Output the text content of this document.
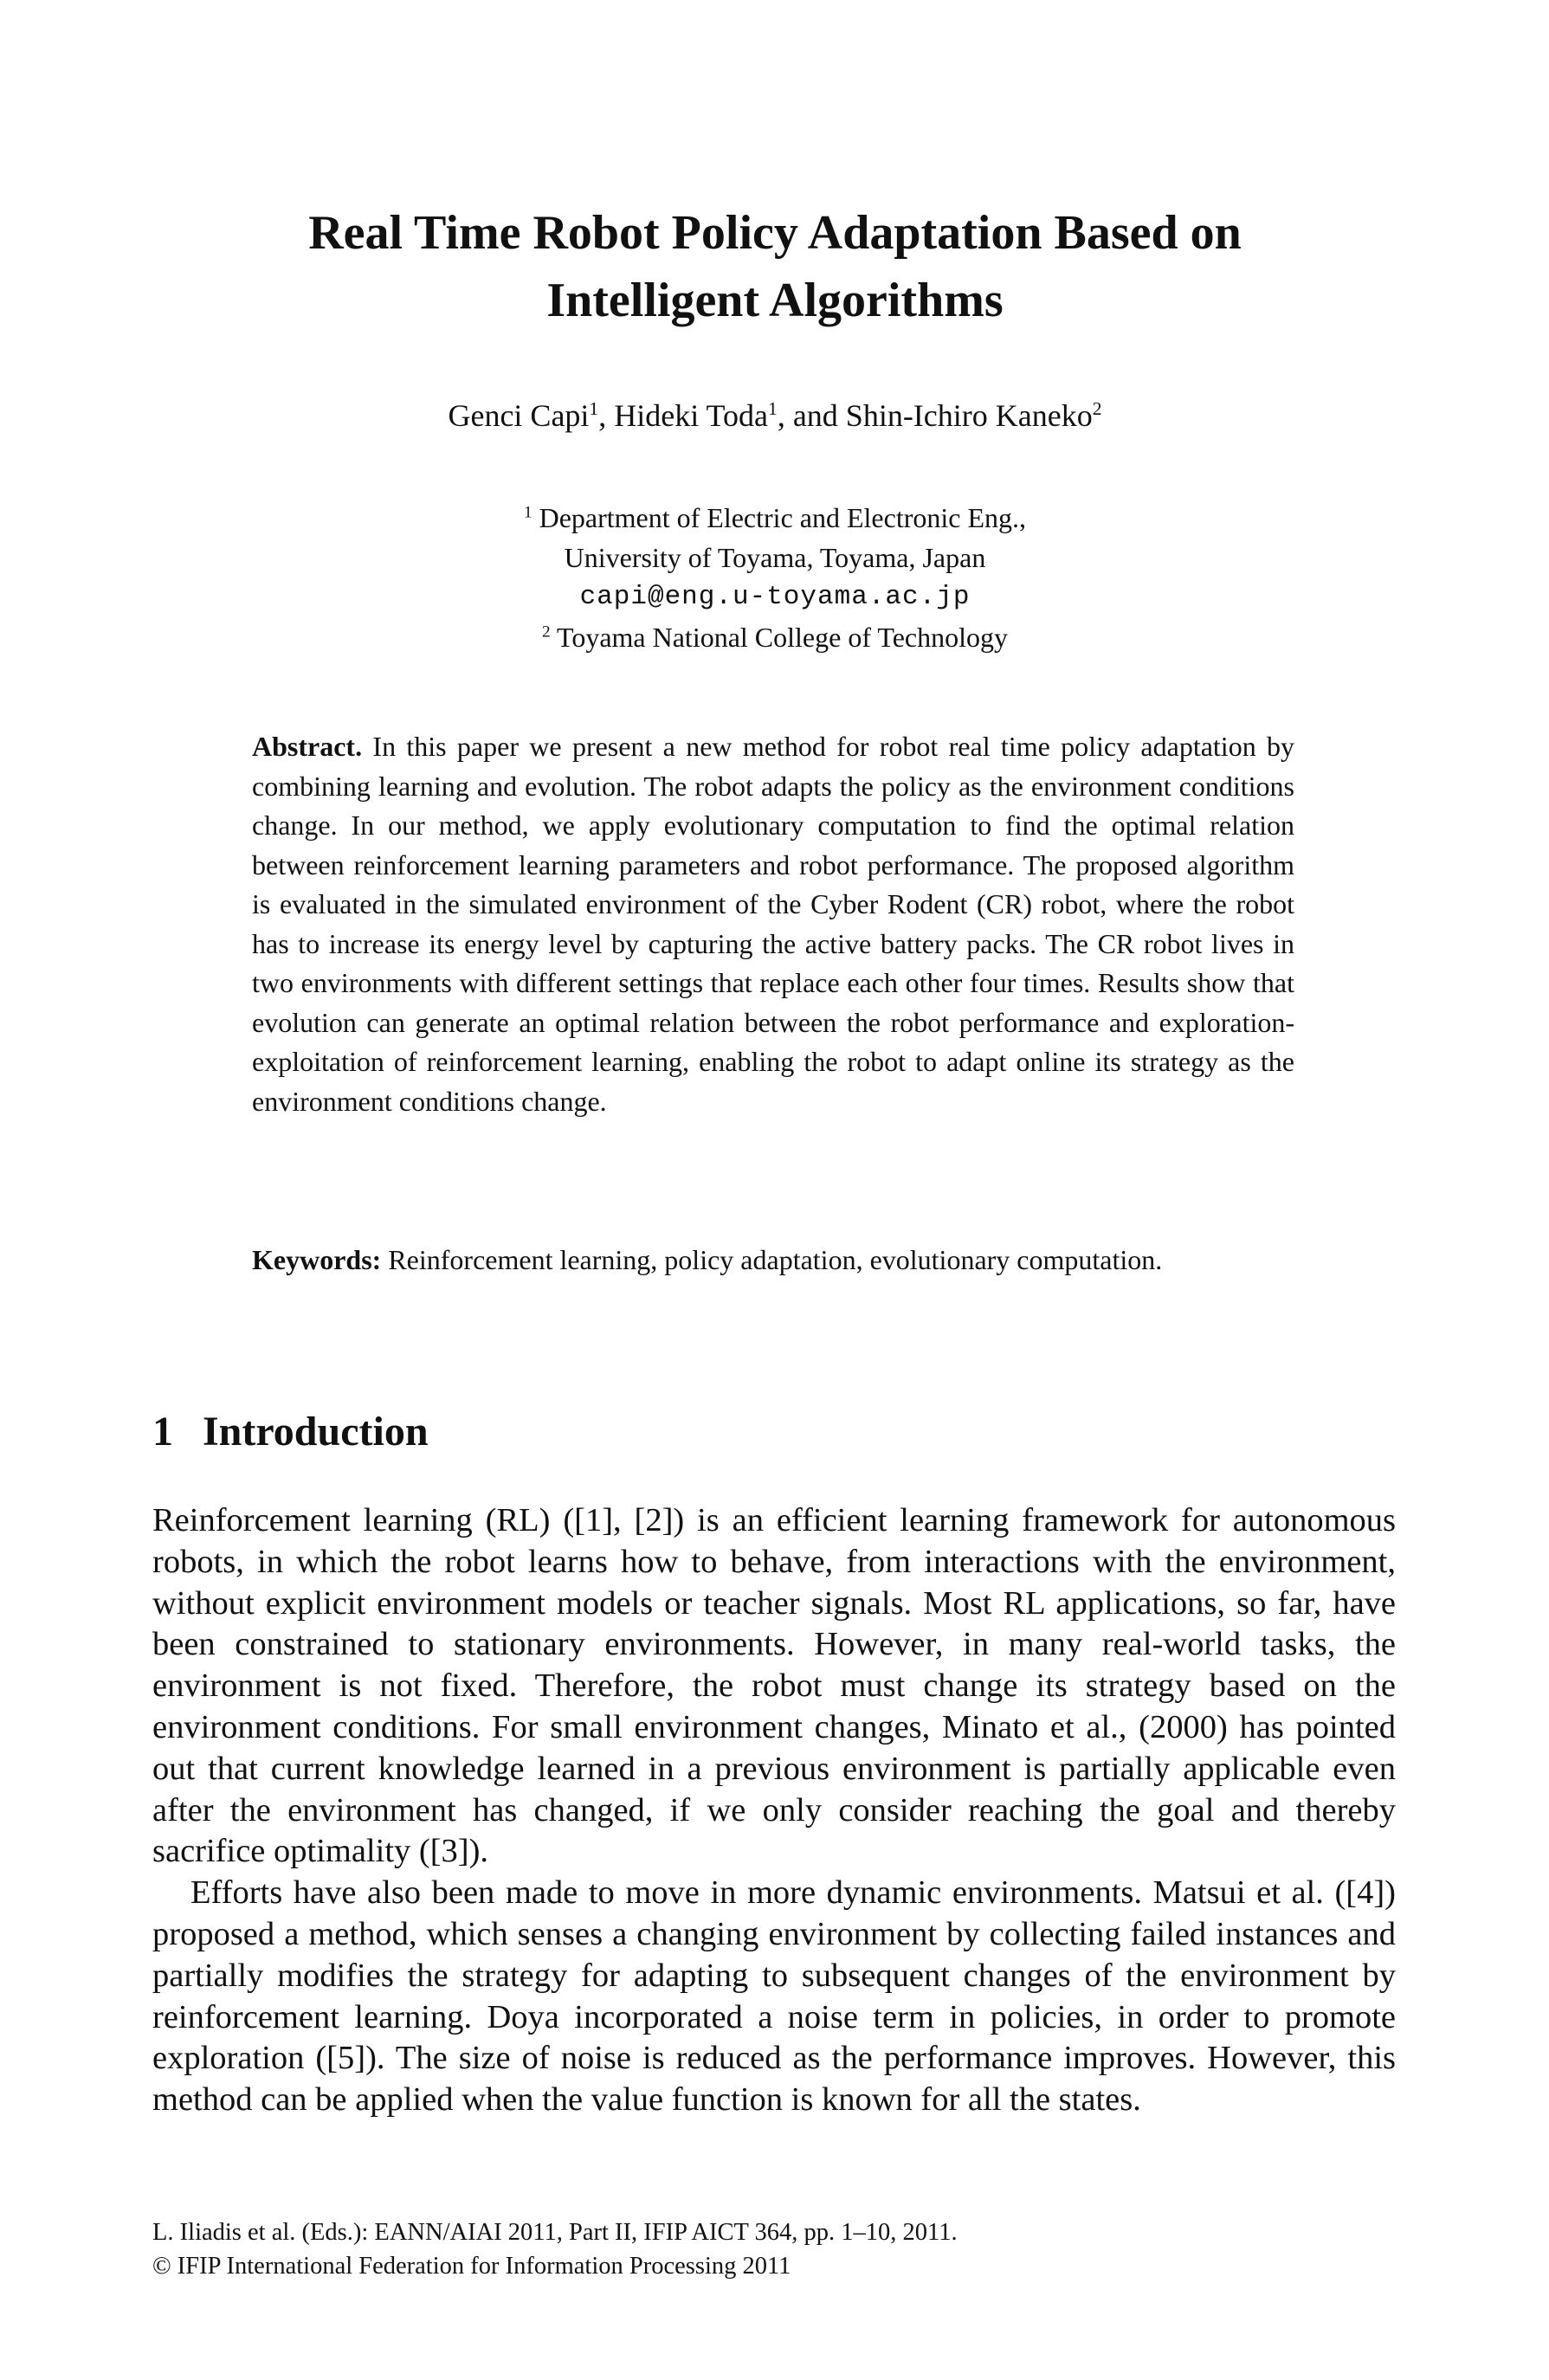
Real Time Robot Policy Adaptation Based on
Intelligent Algorithms

Genci Capi$^1$, Hideki Toda$^1$, and Shin-Ichiro Kaneko$^2$

$^1$ Department of Electric and Electronic Eng.,
University of Toyama, Toyama, Japan
capi@eng.u-toyama.ac.jp
$^2$ Toyama National College of Technology

Abstract. In this paper we present a new method for robot real time policy adaptation by combining learning and evolution. The robot adapts the policy as the environment conditions change. In our method, we apply evolutionary computation to find the optimal relation between reinforcement learning parameters and robot performance. The proposed algorithm is evaluated in the simulated environment of the Cyber Rodent (CR) robot, where the robot has to increase its energy level by capturing the active battery packs. The CR robot lives in two environments with different settings that replace each other four times. Results show that evolution can generate an optimal relation between the robot performance and exploration-exploitation of reinforcement learning, enabling the robot to adapt online its strategy as the environment conditions change.

Keywords: Reinforcement learning, policy adaptation, evolutionary computation.

1 Introduction

Reinforcement learning (RL) ([1], [2]) is an efficient learning framework for autonomous robots, in which the robot learns how to behave, from interactions with the environment, without explicit environment models or teacher signals. Most RL applications, so far, have been constrained to stationary environments. However, in many real-world tasks, the environment is not fixed. Therefore, the robot must change its strategy based on the environment conditions. For small environment changes, Minato et al., (2000) has pointed out that current knowledge learned in a previous environment is partially applicable even after the environment has changed, if we only consider reaching the goal and thereby sacrifice optimality ([3]).

Efforts have also been made to move in more dynamic environments. Matsui et al. ([4]) proposed a method, which senses a changing environment by collecting failed instances and partially modifies the strategy for adapting to subsequent changes of the environment by reinforcement learning. Doya incorporated a noise term in policies, in order to promote exploration ([5]). The size of noise is reduced as the performance improves. However, this method can be applied when the value function is known for all the states.

L. Iliadis et al. (Eds.): EANN/AIAI 2011, Part II, IFIP AICT 364, pp. 1–10, 2011.
© IFIP International Federation for Information Processing 2011
